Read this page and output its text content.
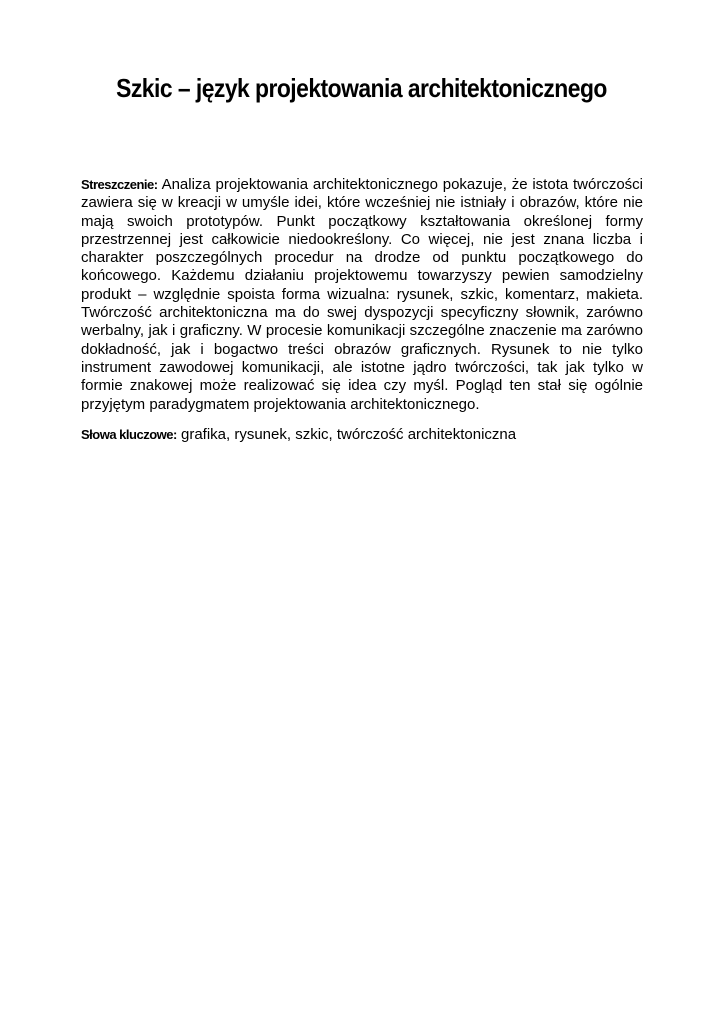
Szkic – język projektowania architektonicznego

Streszczenie: Analiza projektowania architektonicznego pokazuje, że istota twórczości zawiera się w kreacji w umyśle idei, które wcześniej nie istniały i obrazów, które nie mają swoich prototypów. Punkt początkowy kształtowania określonej formy przestrzennej jest całkowicie niedookreślony. Co więcej, nie jest znana liczba i charakter poszczególnych procedur na drodze od punktu początkowego do końcowego. Każdemu działaniu projektowemu towarzyszy pewien samodzielny produkt – względnie spoista forma wizualna: rysunek, szkic, komentarz, makieta. Twórczość architektoniczna ma do swej dyspozycji specyficzny słownik, zarówno werbalny, jak i graficzny. W procesie komunikacji szczególne znaczenie ma zarówno dokładność, jak i bogactwo treści obrazów graficznych. Rysunek to nie tylko instrument zawodowej komunikacji, ale istotne jądro twórczości, tak jak tylko w formie znakowej może realizować się idea czy myśl. Pogląd ten stał się ogólnie przyjętym paradygmatem projektowania architektonicznego.

Słowa kluczowe: grafika, rysunek, szkic, twórczość architektoniczna
